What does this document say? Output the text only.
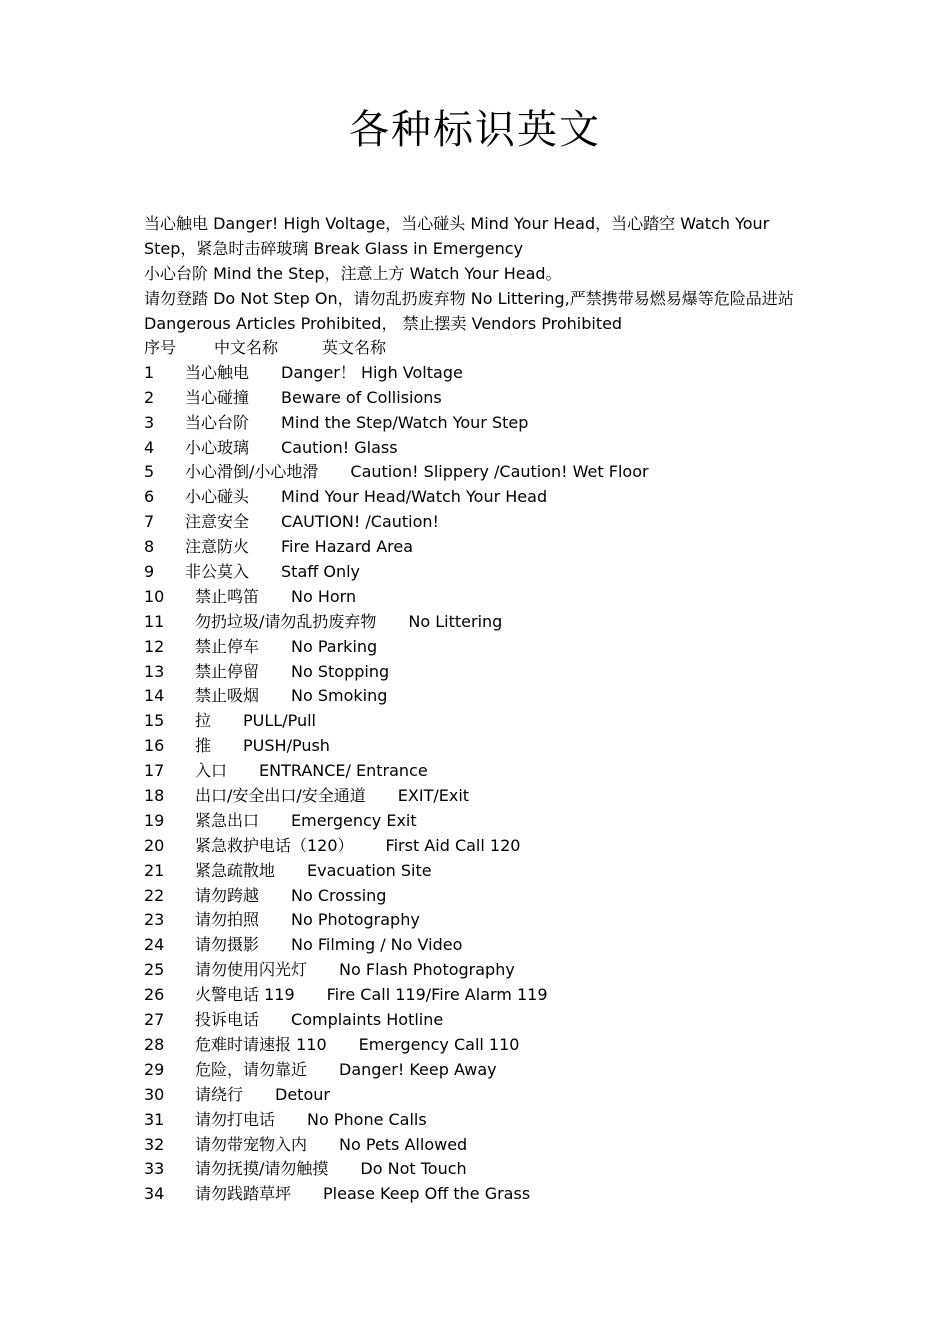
各种标识英文

当心触电 Danger! High Voltage，当心碰头 Mind Your Head，当心踏空 Watch Your Step，紧急时击碎玻璃 Break Glass in Emergency

小心台阶 Mind the Step，注意上方 Watch Your Head。

请勿登踏 Do Not Step On，请勿乱扔废弃物 No Littering,严禁携带易燃易爆等危险品进站 Dangerous Articles Prohibited， 禁止摆卖 Vendors Prohibited

序号	中文名称	英文名称
1	当心触电	Danger！ High Voltage
2	当心碰撞	Beware of Collisions
3	当心台阶	Mind the Step/Watch Your Step
4	小心玻璃	Caution! Glass
5	小心滑倒/小心地滑	Caution! Slippery /Caution! Wet Floor
6	小心碰头	Mind Your Head/Watch Your Head
7	注意安全	CAUTION! /Caution!
8	注意防火	Fire Hazard Area
9	非公莫入	Staff Only
10	禁止鸣笛	No Horn
11	勿扔垃圾/请勿乱扔废弃物	No Littering
12	禁止停车	No Parking
13	禁止停留	No Stopping
14	禁止吸烟	No Smoking
15	拉	PULL/Pull
16	推	PUSH/Push
17	入口	ENTRANCE/ Entrance
18	出口/安全出口/安全通道	EXIT/Exit
19	紧急出口	Emergency Exit
20	紧急救护电话（120）	First Aid Call 120
21	紧急疏散地	Evacuation Site
22	请勿跨越	No Crossing
23	请勿拍照	No Photography
24	请勿摄影	No Filming / No Video
25	请勿使用闪光灯	No Flash Photography
26	火警电话 119	Fire Call 119/Fire Alarm 119
27	投诉电话	Complaints Hotline
28	危难时请速报 110	Emergency Call 110
29	危险，请勿靠近	Danger! Keep Away
30	请绕行	Detour
31	请勿打电话	No Phone Calls
32	请勿带宠物入内	No Pets Allowed
33	请勿抚摸/请勿触摸	Do Not Touch
34	请勿践踏草坪	Please Keep Off the Grass
